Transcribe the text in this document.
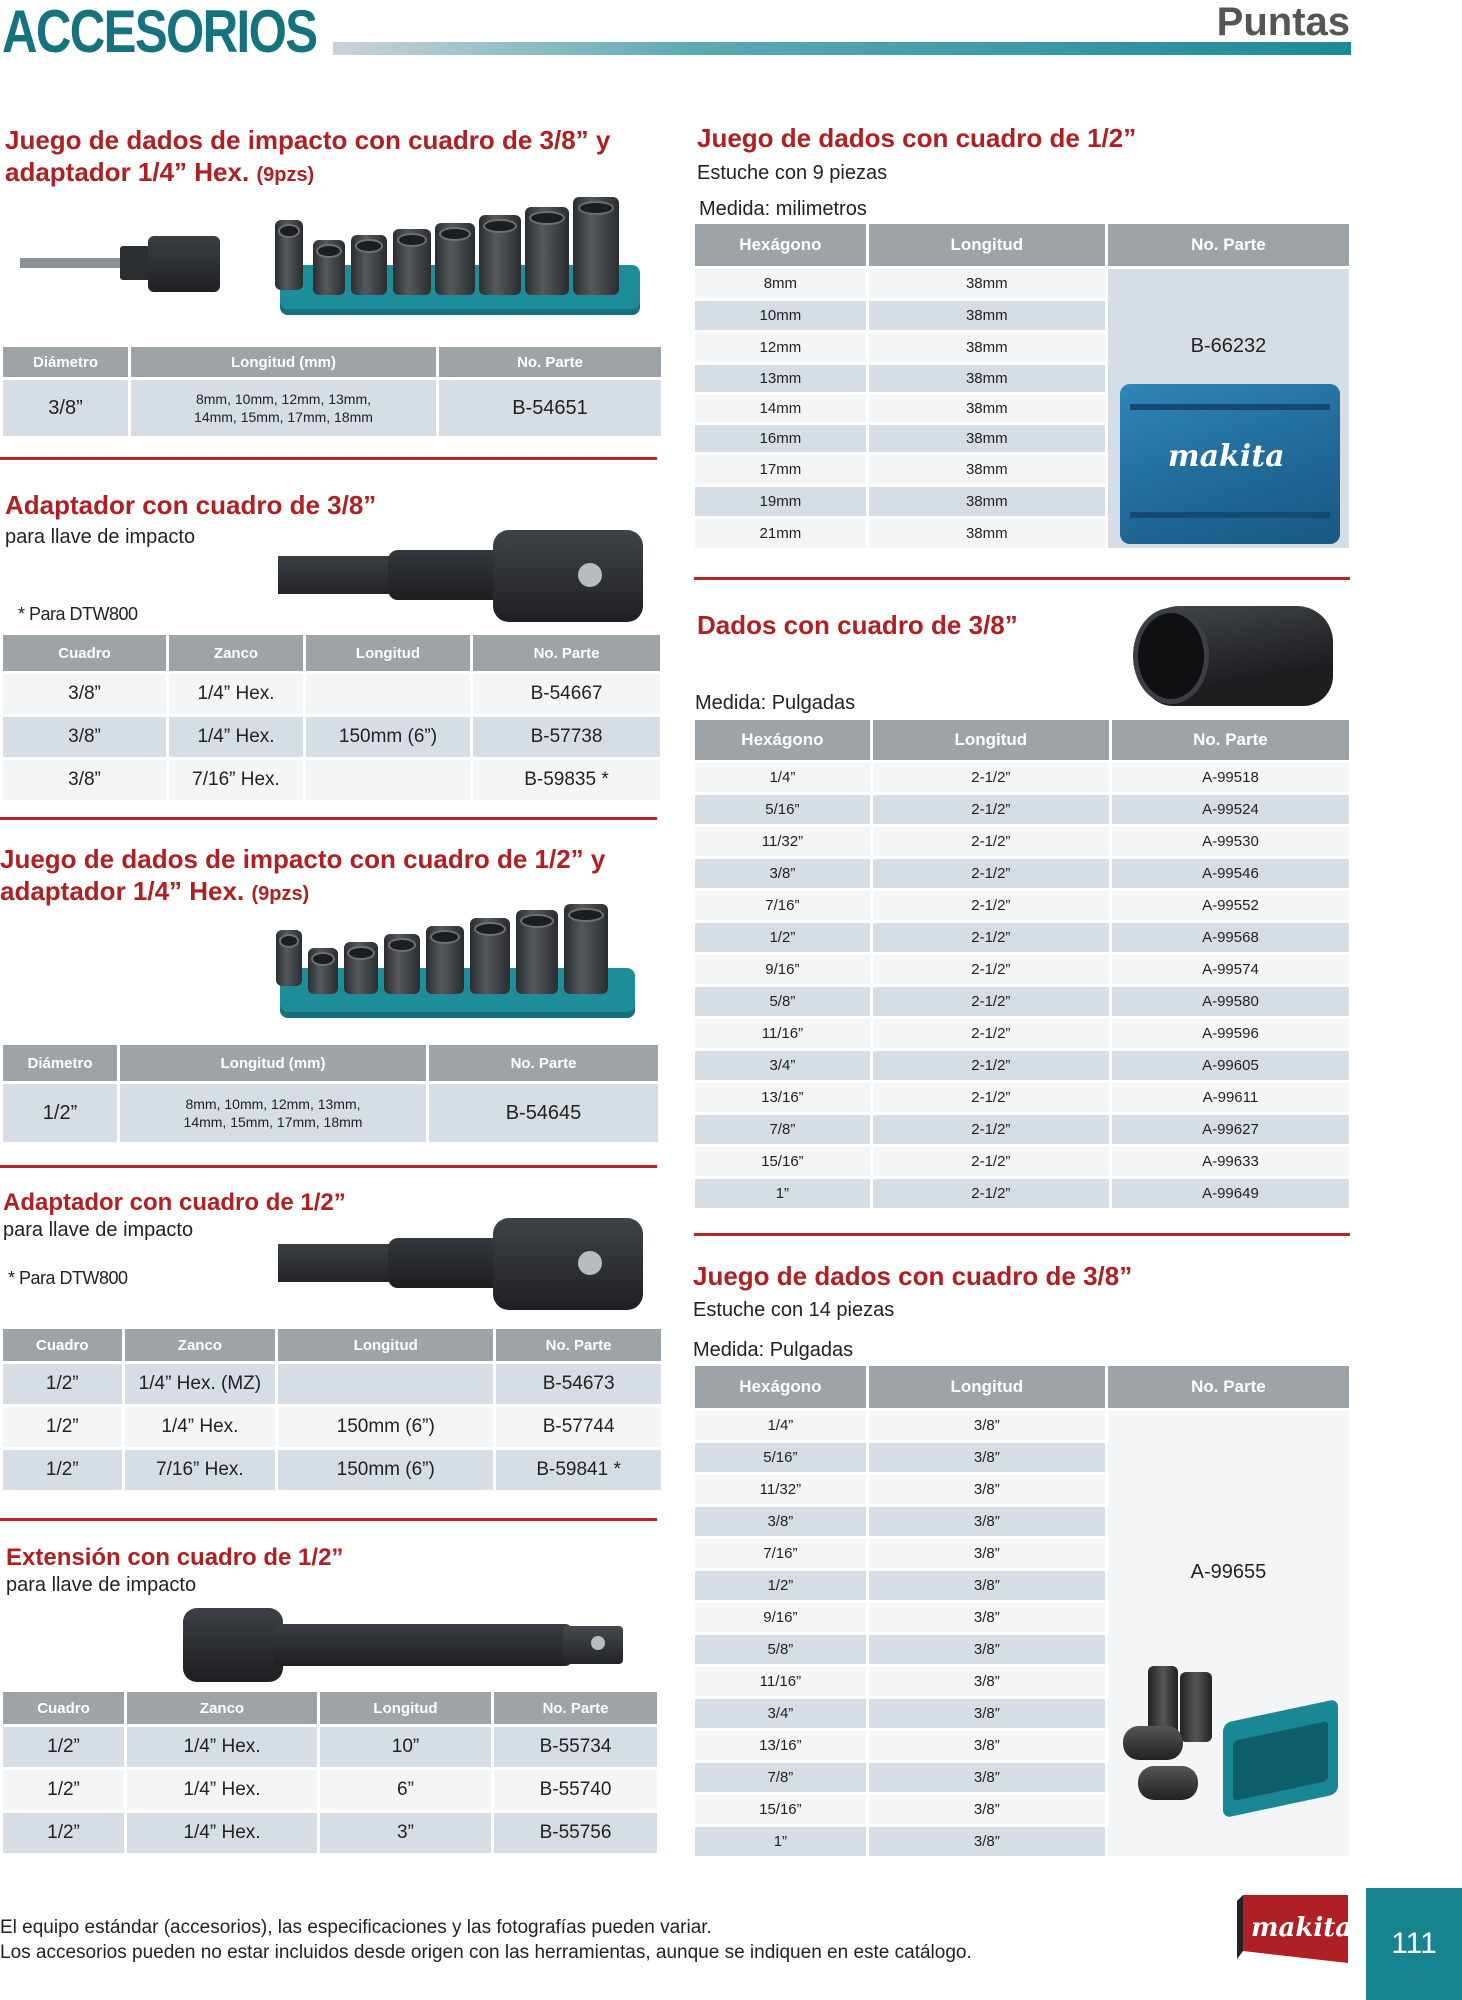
ACCESORIOS	Puntas
Juego de dados de impacto con cuadro de 3/8” y
adaptador 1/4” Hex. (9pzs)
Diámetro	Longitud (mm)	No. Parte
3/8”	8mm, 10mm, 12mm, 13mm,
14mm, 15mm, 17mm, 18mm	B-54651
Adaptador con cuadro de 3/8”
para llave de impacto
* Para DTW800
Cuadro	Zanco	Longitud	No. Parte
3/8”	1/4” Hex.		B-54667
3/8”	1/4” Hex.	150mm (6”)	B-57738
3/8”	7/16” Hex.		B-59835 *
Juego de dados de impacto con cuadro de 1/2” y
adaptador 1/4” Hex. (9pzs)
Diámetro	Longitud (mm)	No. Parte
1/2”	8mm, 10mm, 12mm, 13mm,
14mm, 15mm, 17mm, 18mm	B-54645
Adaptador con cuadro de 1/2”
para llave de impacto
* Para DTW800
Cuadro	Zanco	Longitud	No. Parte
1/2”	1/4” Hex. (MZ)		B-54673
1/2”	1/4” Hex.	150mm (6”)	B-57744
1/2”	7/16” Hex.	150mm (6”)	B-59841 *
Extensión con cuadro de 1/2”
para llave de impacto
Cuadro	Zanco	Longitud	No. Parte
1/2”	1/4” Hex.	10”	B-55734
1/2”	1/4” Hex.	6”	B-55740
1/2”	1/4” Hex.	3”	B-55756
Juego de dados con cuadro de 1/2”
Estuche con 9 piezas
Medida: milimetros
Hexágono	Longitud	No. Parte
8mm	38mm	B-66232
makita

10mm	38mm	
12mm	38mm	
13mm	38mm	
14mm	38mm	
16mm	38mm	
17mm	38mm	
19mm	38mm	
21mm	38mm	
Dados con cuadro de 3/8”
Medida: Pulgadas
Hexágono	Longitud	No. Parte
1/4”	2-1/2”	A-99518
5/16”	2-1/2”	A-99524
11/32”	2-1/2”	A-99530
3/8”	2-1/2”	A-99546
7/16”	2-1/2”	A-99552
1/2”	2-1/2”	A-99568
9/16”	2-1/2”	A-99574
5/8”	2-1/2”	A-99580
11/16”	2-1/2”	A-99596
3/4”	2-1/2”	A-99605
13/16”	2-1/2”	A-99611
7/8”	2-1/2”	A-99627
15/16”	2-1/2”	A-99633
1”	2-1/2”	A-99649
Juego de dados con cuadro de 3/8”
Estuche con 14 piezas
Medida: Pulgadas
Hexágono	Longitud	No. Parte
1/4”	3/8”	A-99655

5/16”	3/8”	
11/32”	3/8”	
3/8”	3/8”	
7/16”	3/8”	
1/2”	3/8”	
9/16”	3/8”	
5/8”	3/8”	
11/16”	3/8”	
3/4”	3/8”	
13/16”	3/8”	
7/8”	3/8”	
15/16”	3/8”	
1”	3/8”	
El equipo estándar (accesorios), las especificaciones y las fotografías pueden variar.
Los accesorios pueden no estar incluidos desde origen con las herramientas, aunque se indiquen en este catálogo.
makita	111
